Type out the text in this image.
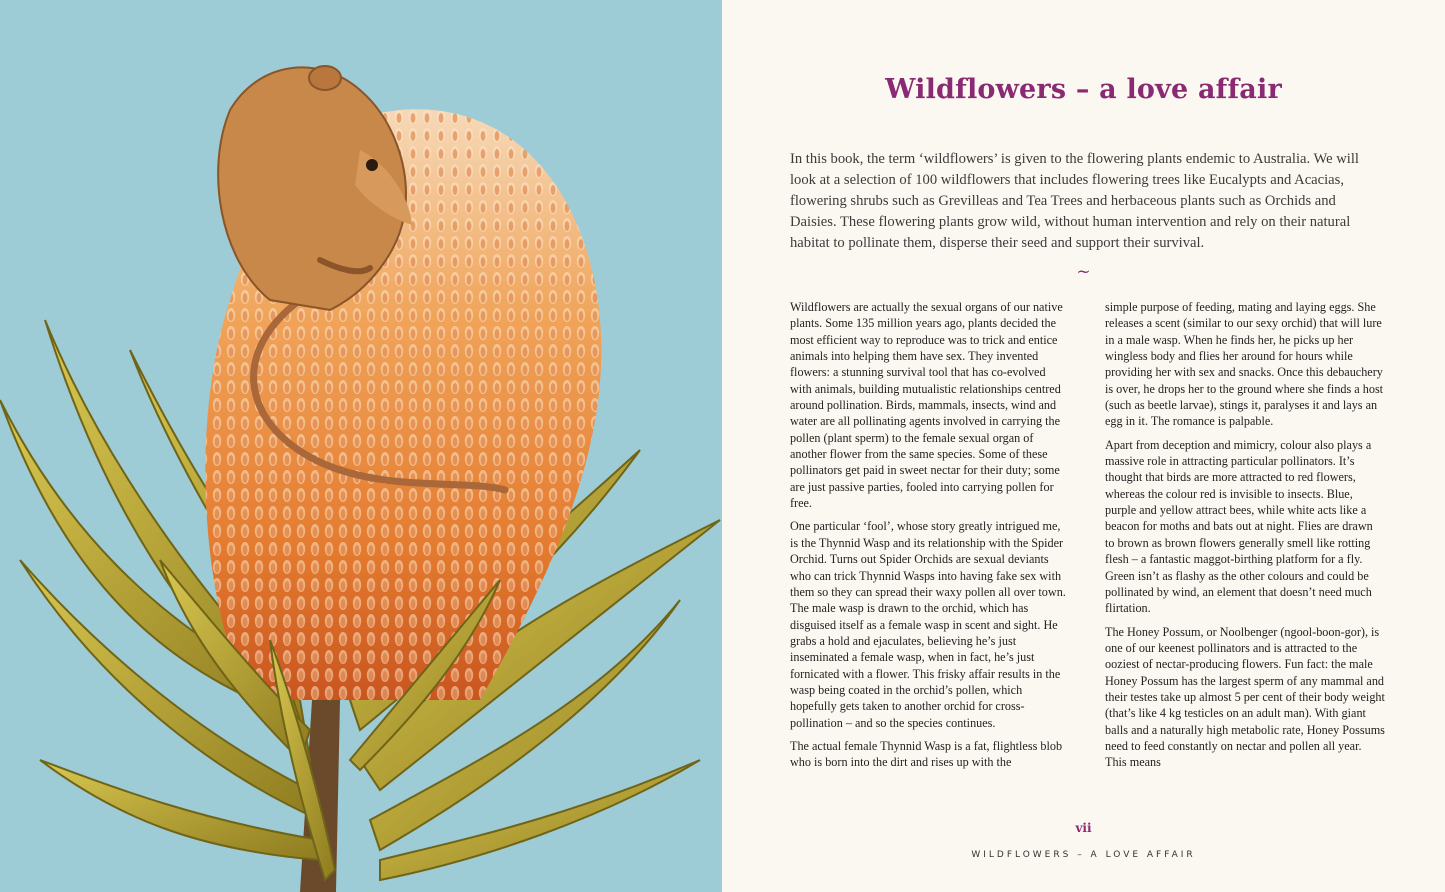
Wildflowers – a love affair

In this book, the term ‘wildflowers’ is given to the flowering plants endemic to Australia. We will look at a selection of 100 wildflowers that includes flowering trees like Eucalypts and Acacias, flowering shrubs such as Grevilleas and Tea Trees and herbaceous plants such as Orchids and Daisies. These flowering plants grow wild, without human intervention and rely on their natural habitat to pollinate them, disperse their seed and support their survival.

~

Wildflowers are actually the sexual organs of our native plants. Some 135 million years ago, plants decided the most efficient way to reproduce was to trick and entice animals into helping them have sex. They invented flowers: a stunning survival tool that has co-evolved with animals, building mutualistic relationships centred around pollination. Birds, mammals, insects, wind and water are all pollinating agents involved in carrying the pollen (plant sperm) to the female sexual organ of another flower from the same species. Some of these pollinators get paid in sweet nectar for their duty; some are just passive parties, fooled into carrying pollen for free.

One particular ‘fool’, whose story greatly intrigued me, is the Thynnid Wasp and its relationship with the Spider Orchid. Turns out Spider Orchids are sexual deviants who can trick Thynnid Wasps into having fake sex with them so they can spread their waxy pollen all over town. The male wasp is drawn to the orchid, which has disguised itself as a female wasp in scent and sight. He grabs a hold and ejaculates, believing he’s just inseminated a female wasp, when in fact, he’s just fornicated with a flower. This frisky affair results in the wasp being coated in the orchid’s pollen, which hopefully gets taken to another orchid for cross-pollination – and so the species continues.

The actual female Thynnid Wasp is a fat, flightless blob who is born into the dirt and rises up with the

simple purpose of feeding, mating and laying eggs. She releases a scent (similar to our sexy orchid) that will lure in a male wasp. When he finds her, he picks up her wingless body and flies her around for hours while providing her with sex and snacks. Once this debauchery is over, he drops her to the ground where she finds a host (such as beetle larvae), stings it, paralyses it and lays an egg in it. The romance is palpable.

Apart from deception and mimicry, colour also plays a massive role in attracting particular pollinators. It’s thought that birds are more attracted to red flowers, whereas the colour red is invisible to insects. Blue, purple and yellow attract bees, while white acts like a beacon for moths and bats out at night. Flies are drawn to brown as brown flowers generally smell like rotting flesh – a fantastic maggot-birthing platform for a fly. Green isn’t as flashy as the other colours and could be pollinated by wind, an element that doesn’t need much flirtation.

The Honey Possum, or Noolbenger (ngool-boon-gor), is one of our keenest pollinators and is attracted to the ooziest of nectar-producing flowers. Fun fact: the male Honey Possum has the largest sperm of any mammal and their testes take up almost 5 per cent of their body weight (that’s like 4 kg testicles on an adult man). With giant balls and a naturally high metabolic rate, Honey Possums need to feed constantly on nectar and pollen all year. This means

vii
WILDFLOWERS – A LOVE AFFAIR
